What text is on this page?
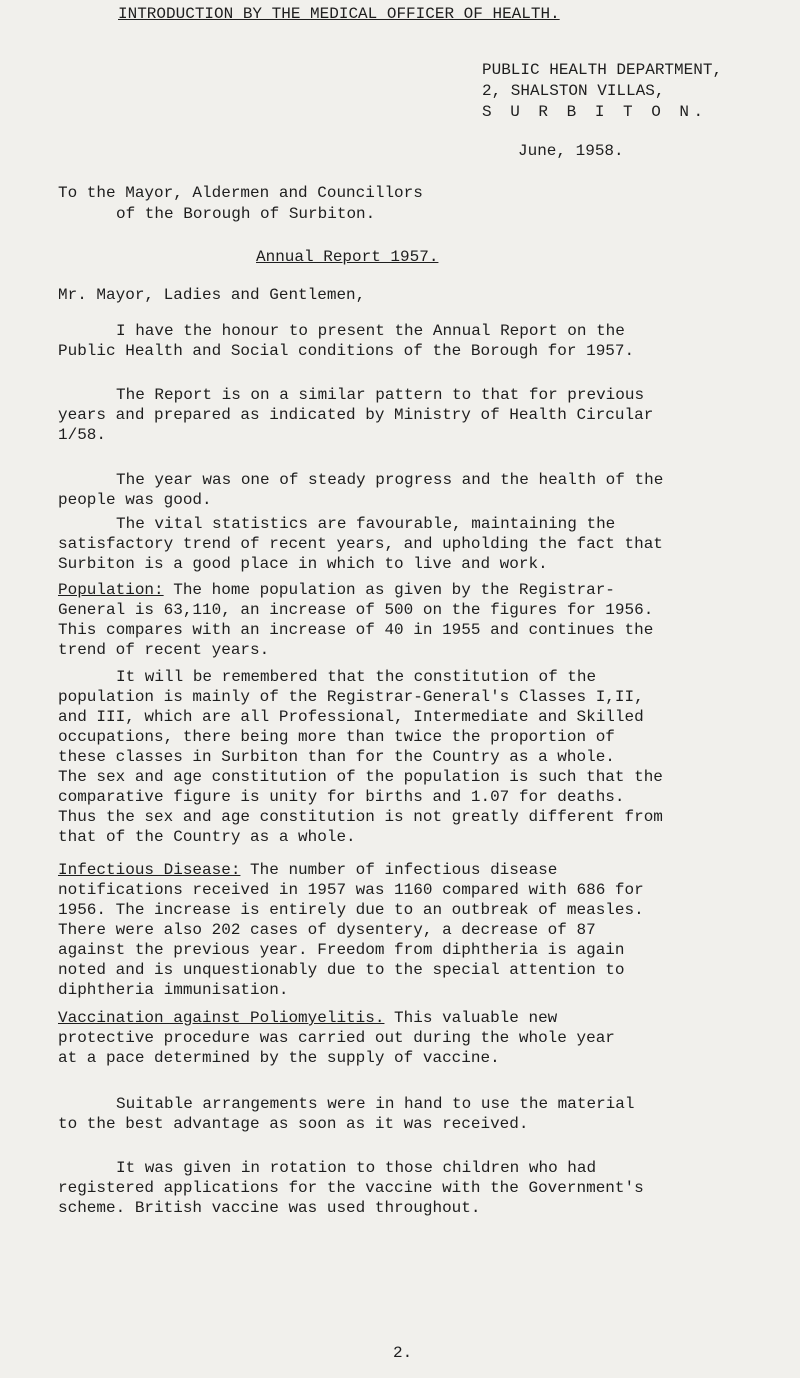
INTRODUCTION BY THE MEDICAL OFFICER OF HEALTH.
PUBLIC HEALTH DEPARTMENT,
2, SHALSTON VILLAS,
S U R B I T O N.
June, 1958.
To the Mayor, Aldermen and Councillors
of the Borough of Surbiton.
Annual Report 1957.
Mr. Mayor, Ladies and Gentlemen,
I have the honour to present the Annual Report on the
Public Health and Social conditions of the Borough for 1957.
The Report is on a similar pattern to that for previous
years and prepared as indicated by Ministry of Health Circular
1/58.
The year was one of steady progress and the health of the
people was good.
The vital statistics are favourable, maintaining the
satisfactory trend of recent years, and upholding the fact that
Surbiton is a good place in which to live and work.
Population: The home population as given by the Registrar-
General is 63,110, an increase of 500 on the figures for 1956.
This compares with an increase of 40 in 1955 and continues the
trend of recent years.
It will be remembered that the constitution of the
population is mainly of the Registrar-General's Classes I,II,
and III, which are all Professional, Intermediate and Skilled
occupations, there being more than twice the proportion of
these classes in Surbiton than for the Country as a whole.
The sex and age constitution of the population is such that the
comparative figure is unity for births and 1.07 for deaths.
Thus the sex and age constitution is not greatly different from
that of the Country as a whole.
Infectious Disease: The number of infectious disease
notifications received in 1957 was 1160 compared with 686 for
1956. The increase is entirely due to an outbreak of measles.
There were also 202 cases of dysentery, a decrease of 87
against the previous year. Freedom from diphtheria is again
noted and is unquestionably due to the special attention to
diphtheria immunisation.
Vaccination against Poliomyelitis. This valuable new
protective procedure was carried out during the whole year
at a pace determined by the supply of vaccine.
Suitable arrangements were in hand to use the material
to the best advantage as soon as it was received.
It was given in rotation to those children who had
registered applications for the vaccine with the Government's
scheme. British vaccine was used throughout.
2.
